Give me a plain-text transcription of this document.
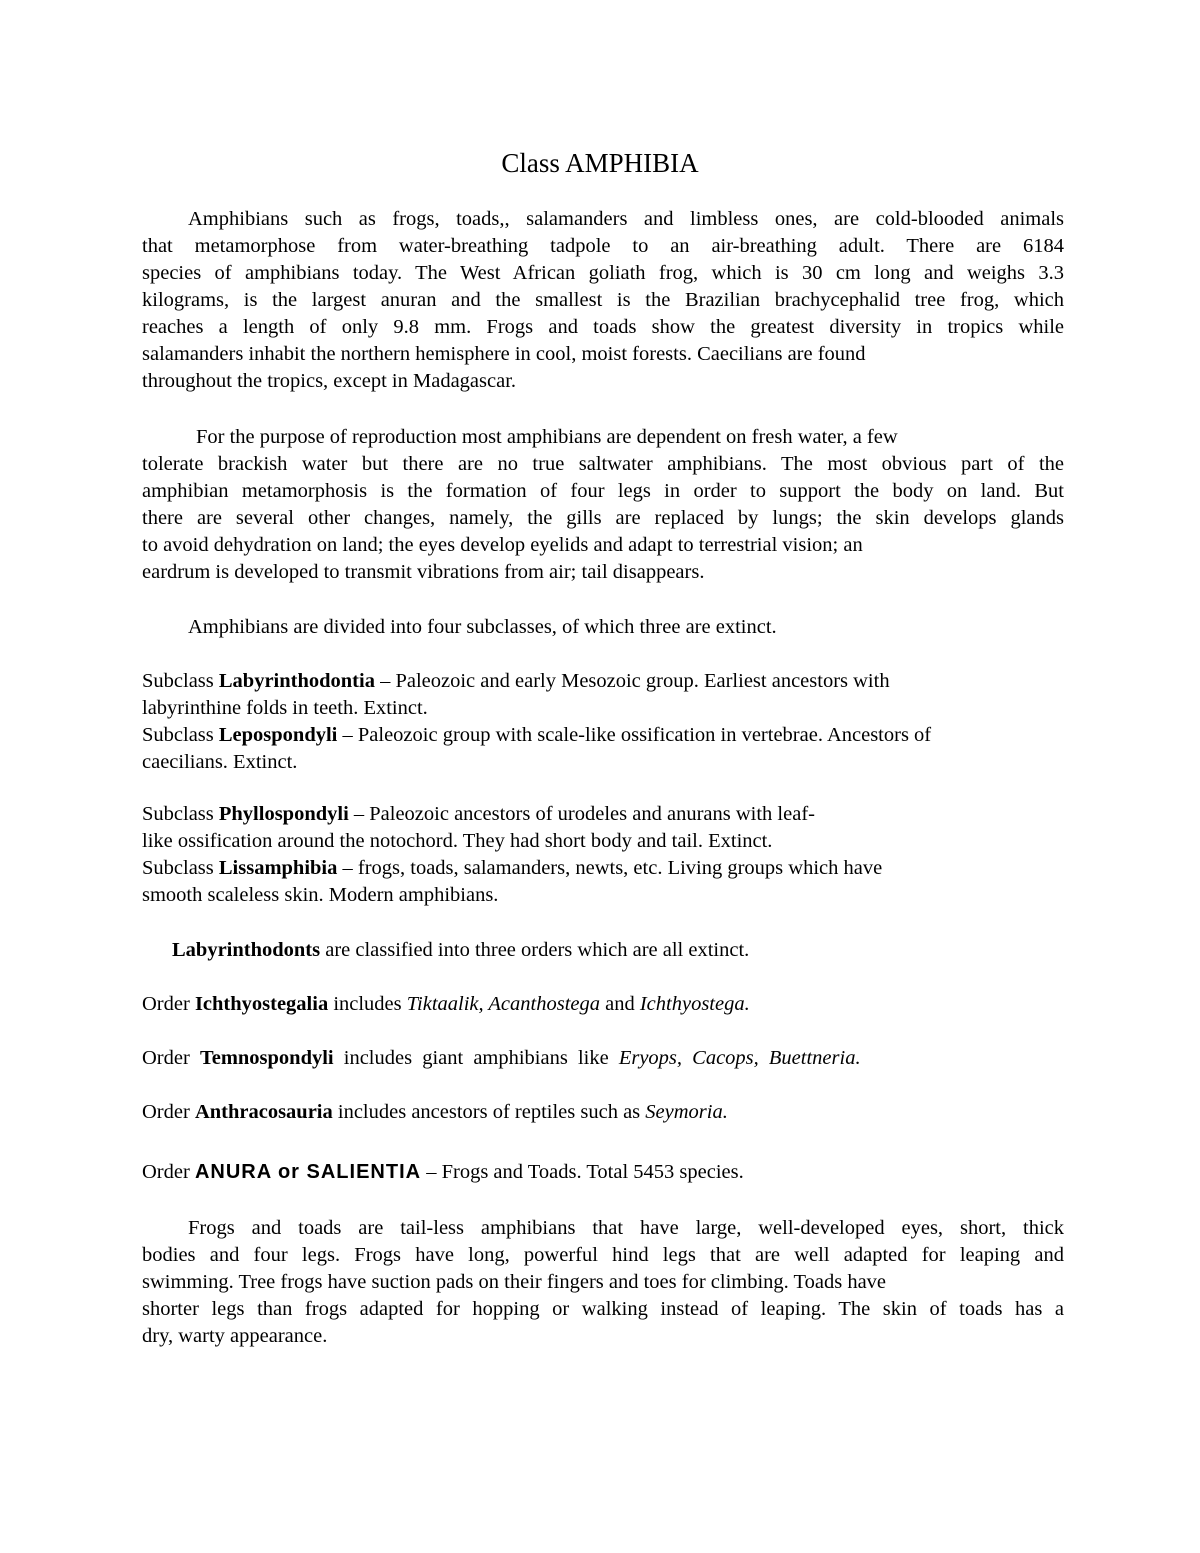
Class AMPHIBIA
Amphibians such as frogs, toads,, salamanders and limbless ones, are cold-blooded animals
that metamorphose from water-breathing tadpole to an air-breathing adult. There are 6184
species of amphibians today. The West African goliath frog, which is 30 cm long and weighs 3.3
kilograms, is the largest anuran and the smallest is the Brazilian brachycephalid tree frog, which
reaches a length of only 9.8 mm. Frogs and toads show the greatest diversity in tropics while
salamanders inhabit the northern hemisphere in cool, moist forests. Caecilians are found
throughout the tropics, except in Madagascar.
For the purpose of reproduction most amphibians are dependent on fresh water, a few
tolerate brackish water but there are no true saltwater amphibians. The most obvious part of the
amphibian metamorphosis is the formation of four legs in order to support the body on land. But
there are several other changes, namely, the gills are replaced by lungs; the skin develops glands
to avoid dehydration on land; the eyes develop eyelids and adapt to terrestrial vision; an
eardrum is developed to transmit vibrations from air; tail disappears.
Amphibians are divided into four subclasses, of which three are extinct.
Subclass Labyrinthodontia – Paleozoic and early Mesozoic group. Earliest ancestors with
labyrinthine folds in teeth. Extinct.
Subclass Lepospondyli – Paleozoic group with scale-like ossification in vertebrae. Ancestors of
caecilians. Extinct.
Subclass Phyllospondyli – Paleozoic ancestors of urodeles and anurans with leaf-
like ossification around the notochord. They had short body and tail. Extinct.
Subclass Lissamphibia – frogs, toads, salamanders, newts, etc. Living groups which have
smooth scaleless skin. Modern amphibians.
Labyrinthodonts are classified into three orders which are all extinct.
Order Ichthyostegalia includes Tiktaalik, Acanthostega and Ichthyostega.
Order Temnospondyli includes giant amphibians like Eryops, Cacops, Buettneria.
Order Anthracosauria includes ancestors of reptiles such as Seymoria.
Order ANURA or SALIENTIA – Frogs and Toads. Total 5453 species.
Frogs and toads are tail-less amphibians that have large, well-developed eyes, short, thick
bodies and four legs. Frogs have long, powerful hind legs that are well adapted for leaping and
swimming. Tree frogs have suction pads on their fingers and toes for climbing. Toads have
shorter legs than frogs adapted for hopping or walking instead of leaping. The skin of toads has a
dry, warty appearance.
